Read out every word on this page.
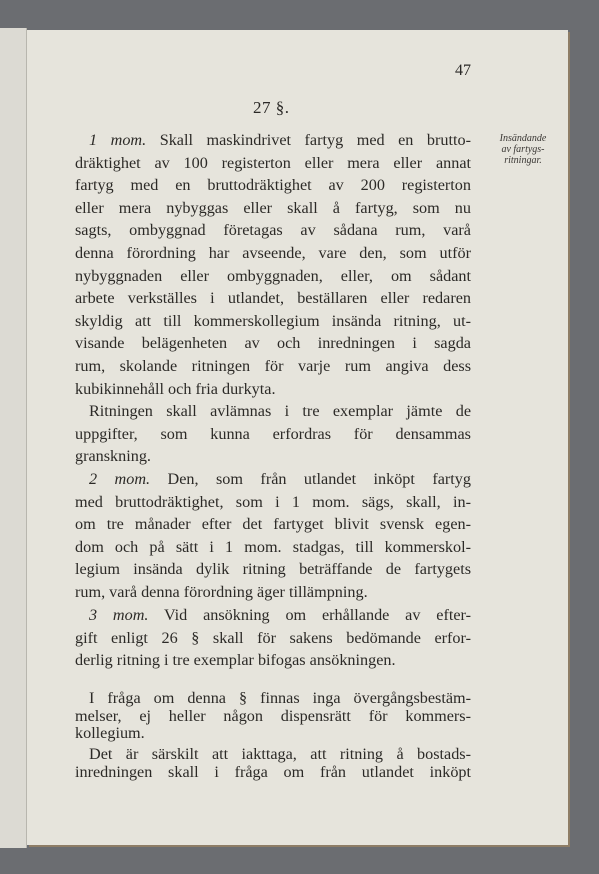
47
27 §.
Insändande
av fartygs-
ritningar.
1 mom. Skall maskindrivet fartyg med en brutto-
dräktighet av 100 registerton eller mera eller annat
fartyg med en bruttodräktighet av 200 registerton
eller mera nybyggas eller skall å fartyg, som nu
sagts, ombyggnad företagas av sådana rum, varå
denna förordning har avseende, vare den, som utför
nybyggnaden eller ombyggnaden, eller, om sådant
arbete verkställes i utlandet, beställaren eller redaren
skyldig att till kommerskollegium insända ritning, ut-
visande belägenheten av och inredningen i sagda
rum, skolande ritningen för varje rum angiva dess
kubikinnehåll och fria durkyta.
Ritningen skall avlämnas i tre exemplar jämte de
uppgifter, som kunna erfordras för densammas
granskning.
2 mom. Den, som från utlandet inköpt fartyg
med bruttodräktighet, som i 1 mom. sägs, skall, in-
om tre månader efter det fartyget blivit svensk egen-
dom och på sätt i 1 mom. stadgas, till kommerskol-
legium insända dylik ritning beträffande de fartygets
rum, varå denna förordning äger tillämpning.
3 mom. Vid ansökning om erhållande av efter-
gift enligt 26 § skall för sakens bedömande erfor-
derlig ritning i tre exemplar bifogas ansökningen.
I fråga om denna § finnas inga övergångsbestäm-
melser, ej heller någon dispensrätt för kommers-
kollegium.
Det är särskilt att iakttaga, att ritning å bostads-
inredningen skall i fråga om från utlandet inköpt
